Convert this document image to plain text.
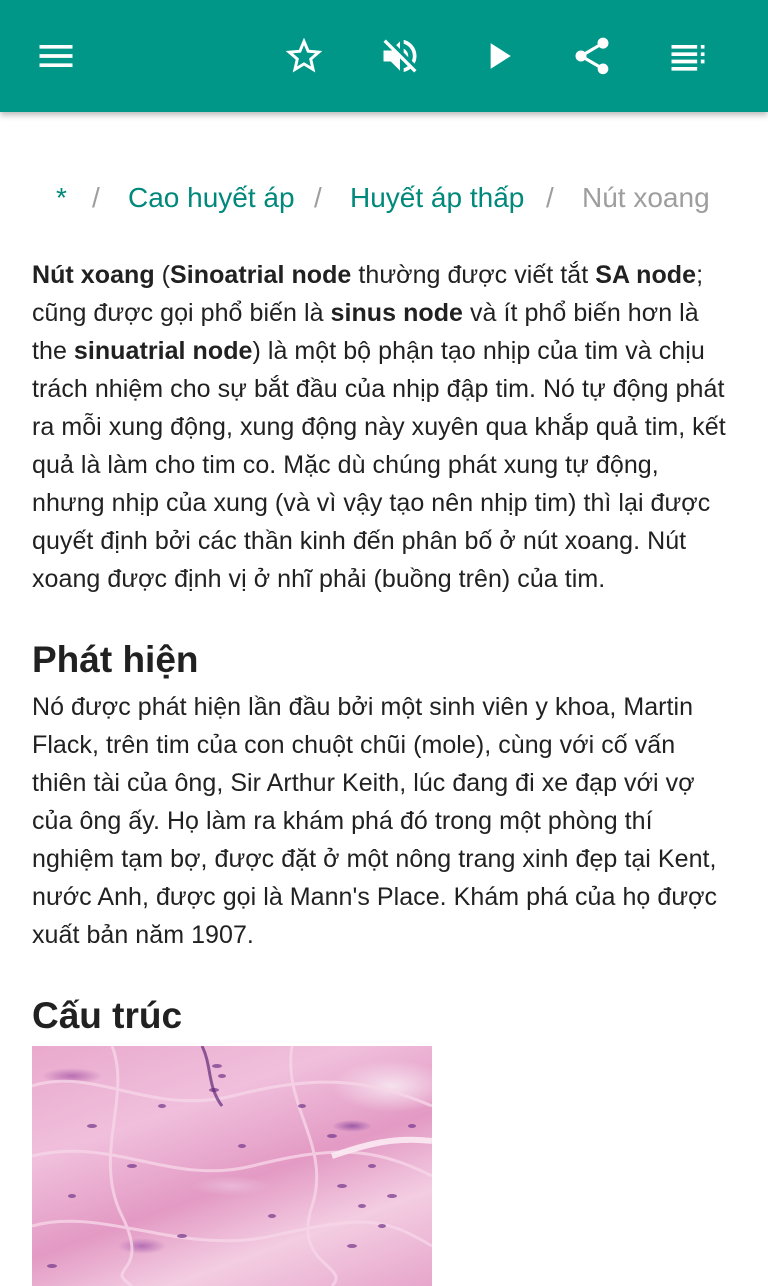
* / Cao huyết áp / Huyết áp thấp / Nút xoang

Nút xoang (Sinoatrial node thường được viết tắt SA node; cũng được gọi phổ biến là sinus node và ít phổ biến hơn là the sinuatrial node) là một bộ phận tạo nhịp của tim và chịu trách nhiệm cho sự bắt đầu của nhịp đập tim. Nó tự động phát ra mỗi xung động, xung động này xuyên qua khắp quả tim, kết quả là làm cho tim co. Mặc dù chúng phát xung tự động, nhưng nhịp của xung (và vì vậy tạo nên nhịp tim) thì lại được quyết định bởi các thần kinh đến phân bố ở nút xoang. Nút xoang được định vị ở nhĩ phải (buồng trên) của tim.

Phát hiện

Nó được phát hiện lần đầu bởi một sinh viên y khoa, Martin Flack, trên tim của con chuột chũi (mole), cùng với cố vấn thiên tài của ông, Sir Arthur Keith, lúc đang đi xe đạp với vợ của ông ấy. Họ làm ra khám phá đó trong một phòng thí nghiệm tạm bợ, được đặt ở một nông trang xinh đẹp tại Kent, nước Anh, được gọi là Mann's Place. Khám phá của họ được xuất bản năm 1907.

Cấu trúc
